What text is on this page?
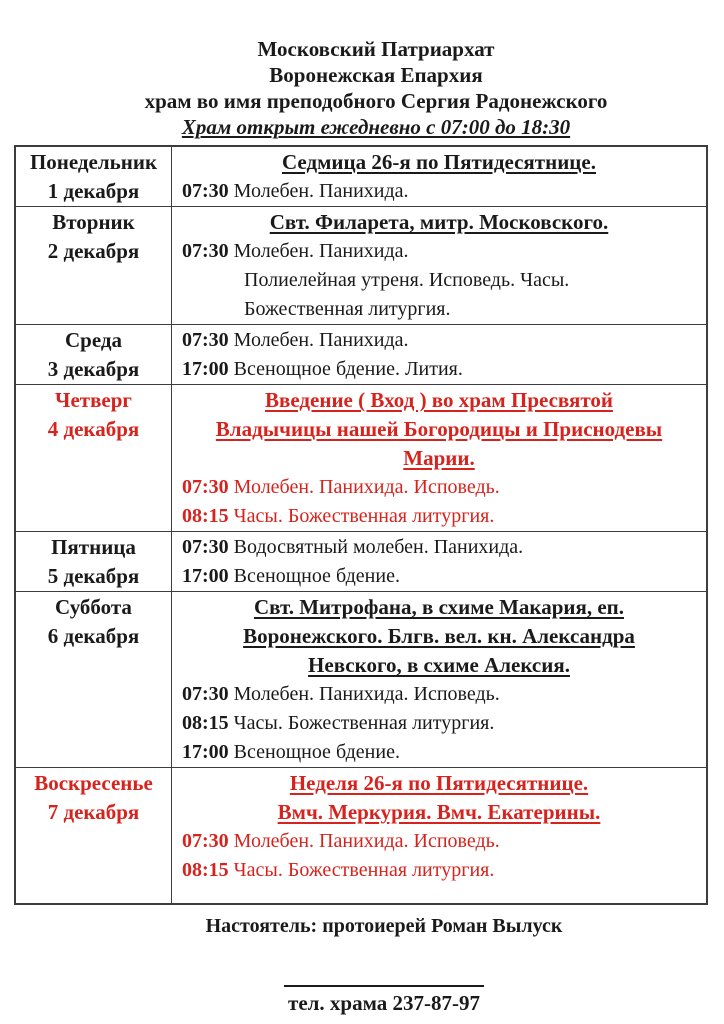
Московский Патриархат
Воронежская Епархия
храм во имя преподобного Сергия Радонежского
Храм открыт ежедневно с 07:00 до 18:30
Понедельник
1 декабря
Седмица 26-я по Пятидесятнице.
07:30 Молебен. Панихида.
Вторник
2 декабря
Свт. Филарета, митр. Московского.
07:30 Молебен. Панихида.
Полиелейная утреня. Исповедь. Часы.
Божественная литургия.
Среда
3 декабря
07:30 Молебен. Панихида.
17:00 Всенощное бдение. Лития.
Четверг
4 декабря
Введение ( Вход ) во храм Пресвятой
Владычицы нашей Богородицы и Приснодевы
Марии.
07:30 Молебен. Панихида. Исповедь.
08:15 Часы. Божественная литургия.
Пятница
5 декабря
07:30 Водосвятный молебен. Панихида.
17:00 Всенощное бдение.
Суббота
6 декабря
Свт. Митрофана, в схиме Макария, еп.
Воронежского. Блгв. вел. кн. Александра
Невского, в схиме Алексия.
07:30 Молебен. Панихида. Исповедь.
08:15 Часы. Божественная литургия.
17:00 Всенощное бдение.
Воскресенье
7 декабря
Неделя 26-я по Пятидесятнице.
Вмч. Меркурия. Вмч. Екатерины.
07:30 Молебен. Панихида. Исповедь.
08:15 Часы. Божественная литургия.
Настоятель: протоиерей Роман Вылуск
тел. храма 237-87-97
